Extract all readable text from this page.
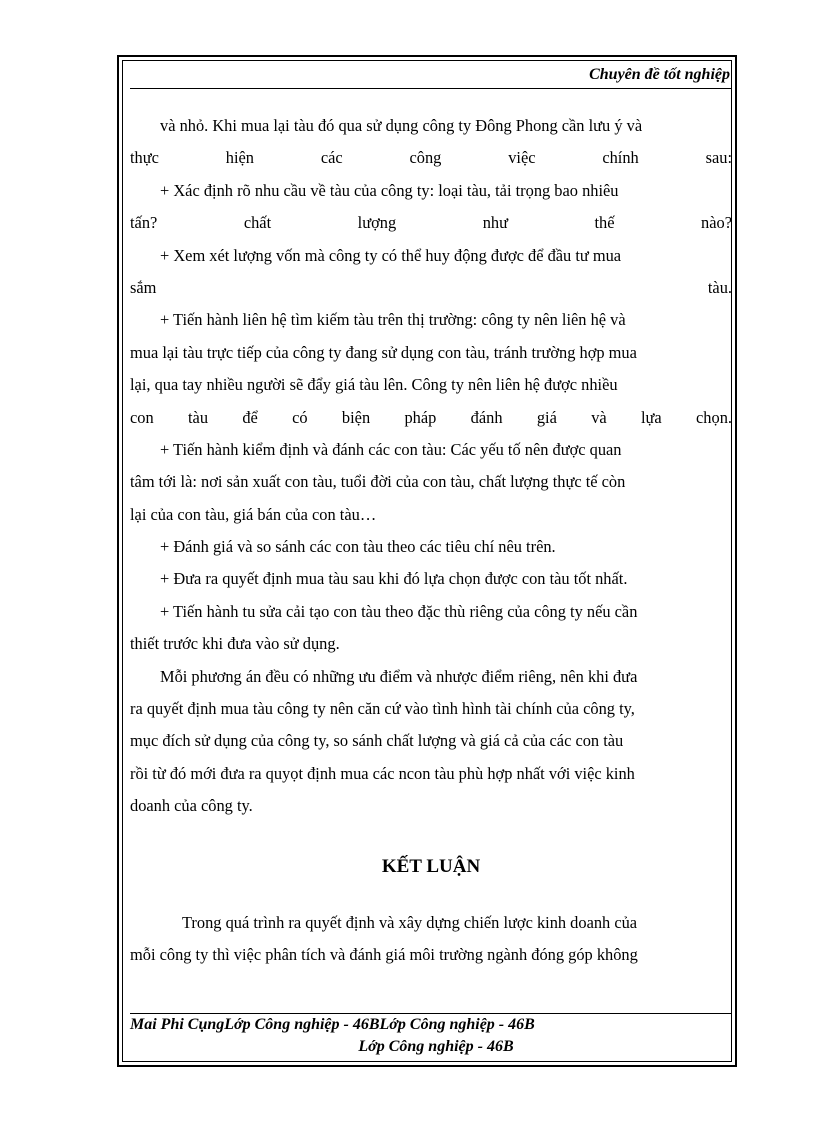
Chuyên đề tốt nghiệp
và nhỏ. Khi mua lại tàu đó qua sử dụng công ty Đông Phong cần lưu ý và
thực hiện các công việc chính sau:
+ Xác định rõ nhu cầu về tàu của công ty: loại tàu, tải trọng bao nhiêu
tấn? chất lượng như thế nào?
+ Xem xét lượng vốn mà công ty có thể huy động được để đầu tư mua
sắm tàu.
+ Tiến hành liên hệ tìm kiếm tàu trên thị trường: công ty nên liên hệ và
mua lại tàu trực tiếp của công ty đang sử dụng con tàu, tránh trường hợp mua
lại, qua tay nhiều người sẽ đẩy giá tàu lên. Công ty nên liên hệ được nhiều
con tàu để có biện pháp đánh giá và lựa chọn.
+ Tiến hành kiểm định và đánh các con tàu: Các yếu tố nên được quan
tâm tới là: nơi sản xuất con tàu, tuổi đời của con tàu, chất lượng thực tế còn
lại của con tàu, giá bán của con tàu…
+ Đánh giá và so sánh các con tàu theo các tiêu chí nêu trên.
+ Đưa ra quyết định mua tàu sau khi đó lựa chọn được con tàu tốt nhất.
+ Tiến hành tu sửa cải tạo con tàu theo đặc thù riêng của công ty nếu cần
thiết trước khi đưa vào sử dụng.
Mỗi phương án đều có những ưu điểm và nhược điểm riêng, nên khi đưa
ra quyết định mua tàu công ty nên căn cứ vào tình hình tài chính của công ty,
mục đích sử dụng của công ty, so sánh chất lượng và giá cả của các con tàu
rồi từ đó mới đưa ra quyọt định mua các ncon tàu phù hợp nhất với việc kinh
doanh của công ty.
KẾT LUẬN
Trong quá trình ra quyết định và xây dựng chiến lược kinh doanh của
mỗi công ty thì việc phân tích và đánh giá môi trường ngành đóng góp không
Mai Phi CụngLớp Công nghiệp - 46BLớp Công nghiệp - 46B
Lớp Công nghiệp - 46B
